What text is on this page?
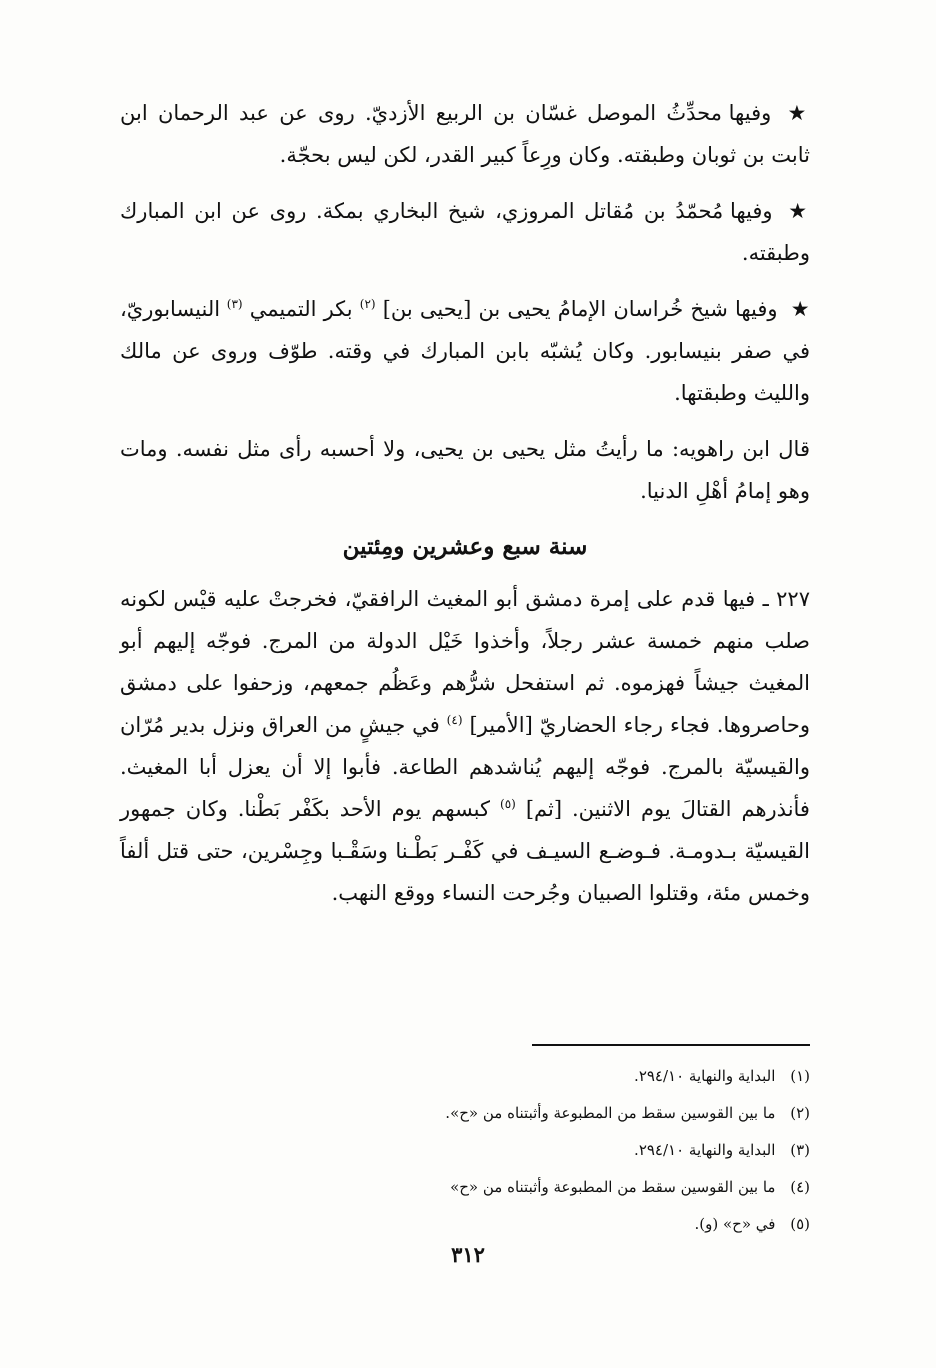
★ وفيها محدِّثُ الموصل غسّان بن الربيع الأزديّ. روى عن عبد الرحمان ابن ثابت بن ثوبان وطبقته. وكان ورِعاً كبير القدر، لكن ليس بحجّة.

★ وفيها مُحمّدُ بن مُقاتل المروزي، شيخ البخاري بمكة. روى عن ابن المبارك وطبقته.

★ وفيها شيخ خُراسان الإمامُ يحيى بن [يحيى بن] $^{(٢)}$ بكر التميمي $^{(٣)}$ النيسابوريّ، في صفر بنيسابور. وكان يُشبّه بابن المبارك في وقته. طوّف وروى عن مالك والليث وطبقتها.

قال ابن راهويه: ما رأيتُ مثل يحيى بن يحيى، ولا أحسبه رأى مثل نفسه. ومات وهو إمامُ أهْلِ الدنيا.

سنة سبع وعشرين ومِئتين

٢٢٧ ـ فيها قدم على إمرة دمشق أبو المغيث الرافقيّ، فخرجتْ عليه قيْس لكونه صلب منهم خمسة عشر رجلاً، وأخذوا خَيْل الدولة من المرج. فوجّه إليهم أبو المغيث جيشاً فهزموه. ثم استفحل شرُّهم وعَظُم جمعهم، وزحفوا على دمشق وحاصروها. فجاء رجاء الحضاريّ [الأمير] $^{(٤)}$ في جيشٍ من العراق ونزل بدير مُرّان والقيسيّة بالمرج. فوجّه إليهم يُناشدهم الطاعة. فأبوا إلا أن يعزل أبا المغيث. فأنذرهم القتالَ يوم الاثنين. [ثم] $^{(٥)}$ كبسهم يوم الأحد بكَفْر بَطْنا. وكان جمهور القيسيّة بـدومـة. فـوضـع السيـف في كَفْـر بَطْـنا وسَقْـبا وجِسْرين، حتى قتل ألفاً وخمس مئة، وقتلوا الصبيان وجُرحت النساء ووقع النهب.

(١) البداية والنهاية ٢٩٤/١٠.
(٢) ما بين القوسين سقط من المطبوعة وأثبتناه من «ح».
(٣) البداية والنهاية ٢٩٤/١٠.
(٤) ما بين القوسين سقط من المطبوعة وأثبتناه من «ح»
(٥) في «ح» (و).
٣١٢
